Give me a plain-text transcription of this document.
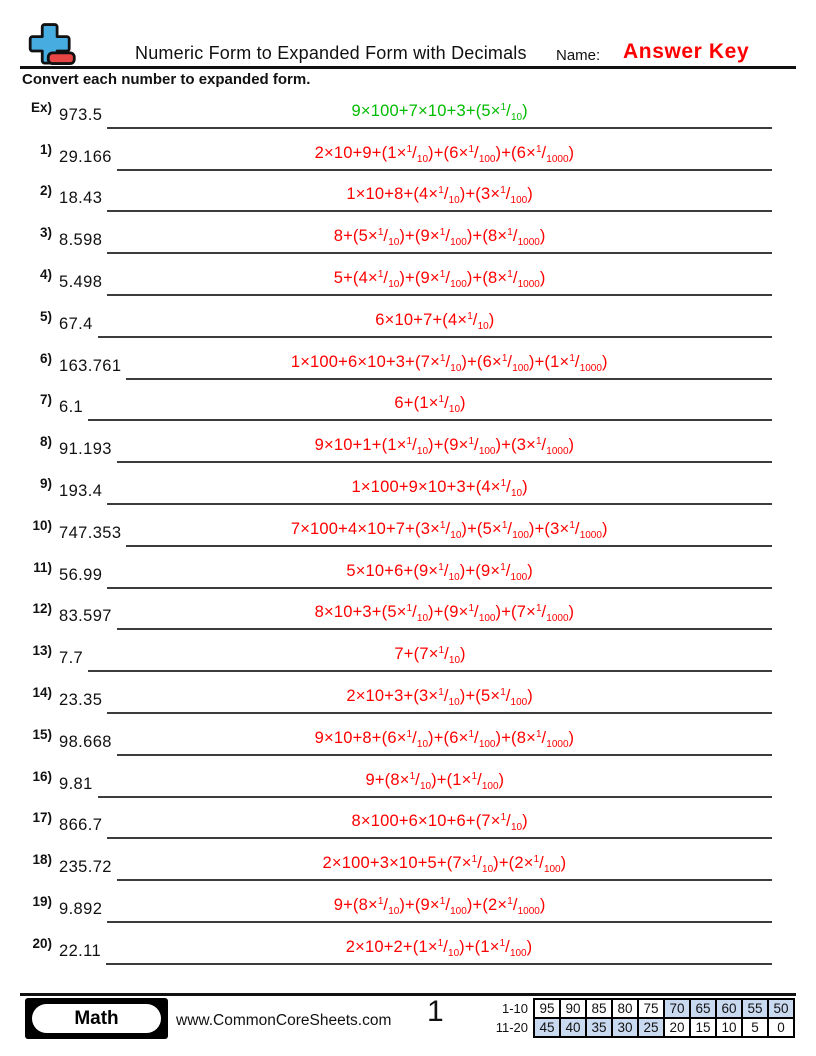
Numeric Form to Expanded Form with Decimals Name: Answer Key
Convert each number to expanded form.
Ex) 973.5	$9\times 100+7\times 10+3+(5\times^1/_{10})$
1) 29.166	$2\times 10+9+(1\times^1/_{10})+(6\times^1/_{100})+(6\times^1/_{1000})$
2) 18.43	$1\times 10+8+(4\times^1/_{10})+(3\times^1/_{100})$
3) 8.598	$8+(5\times^1/_{10})+(9\times^1/_{100})+(8\times^1/_{1000})$
4) 5.498	$5+(4\times^1/_{10})+(9\times^1/_{100})+(8\times^1/_{1000})$
5) 67.4	$6\times 10+7+(4\times^1/_{10})$
6) 163.761	$1\times 100+6\times 10+3+(7\times^1/_{10})+(6\times^1/_{100})+(1\times^1/_{1000})$
7) 6.1	$6+(1\times^1/_{10})$
8) 91.193	$9\times 10+1+(1\times^1/_{10})+(9\times^1/_{100})+(3\times^1/_{1000})$
9) 193.4	$1\times 100+9\times 10+3+(4\times^1/_{10})$
10) 747.353	$7\times 100+4\times 10+7+(3\times^1/_{10})+(5\times^1/_{100})+(3\times^1/_{1000})$
11) 56.99	$5\times 10+6+(9\times^1/_{10})+(9\times^1/_{100})$
12) 83.597	$8\times 10+3+(5\times^1/_{10})+(9\times^1/_{100})+(7\times^1/_{1000})$
13) 7.7	$7+(7\times^1/_{10})$
14) 23.35	$2\times 10+3+(3\times^1/_{10})+(5\times^1/_{100})$
15) 98.668	$9\times 10+8+(6\times^1/_{10})+(6\times^1/_{100})+(8\times^1/_{1000})$
16) 9.81	$9+(8\times^1/_{10})+(1\times^1/_{100})$
17) 866.7	$8\times 100+6\times 10+6+(7\times^1/_{10})$
18) 235.72	$2\times 100+3\times 10+5+(7\times^1/_{10})+(2\times^1/_{100})$
19) 9.892	$9+(8\times^1/_{10})+(9\times^1/_{100})+(2\times^1/_{1000})$
20) 22.11	$2\times 10+2+(1\times^1/_{10})+(1\times^1/_{100})$
Math	www.CommonCoreSheets.com 1	1-10	95	90	85	80	75	70	65	60	55	50
11-20	45	40	35	30	25	20	15	10	5	0
